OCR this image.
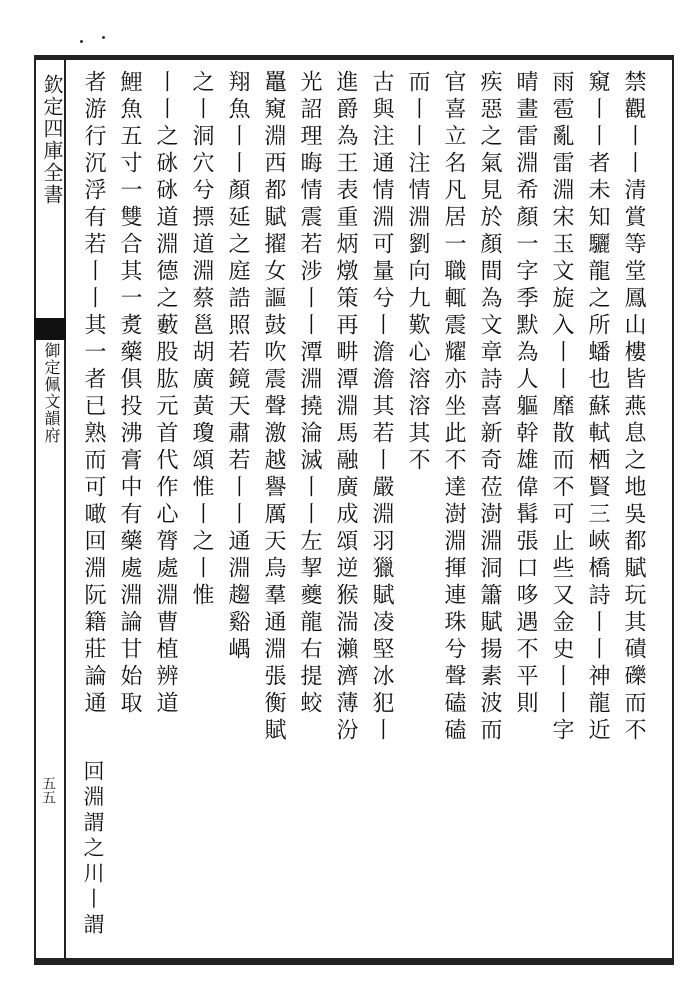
欽定四庫全書
御定佩文韻府
五五
禁觀丨丨清賞等堂鳳山樓皆燕息之地吳都賦玩其磧礫而不
窺丨丨者未知驪龍之所蟠也蘇軾栖賢三峽橋詩丨丨神龍近
雨雹亂雷淵宋玉文旋入丨丨靡散而不可止些又金史丨丨字
晴畫雷淵希顏一字季默為人軀幹雄偉髯張口哆遇不平則
疾惡之氣見於顏間為文章詩喜新奇莅澍淵洞簫賦揚素波而
官喜立名凡居一職輒震耀亦坐此不達澍淵揮連珠兮聲磕磕
而丨丨注情淵劉向九歎心溶溶其不
古與注通情淵可量兮丨澹澹其若丨嚴淵羽獵賦凌堅冰犯丨
進爵為王表重炳燉策再畊潭淵馬融廣成頌逆猴湍瀨濟薄汾
光詔理晦情震若涉丨丨潭淵撓淪滅丨丨左挈夔龍右提蛟
鼉窺淵西都賦擢女謳鼓吹震聲激越譽厲天烏羣通淵張衡賦
翔魚丨丨顏延之庭誥照若鏡天肅若丨丨通淵趨谿嵎
之丨洞穴兮摽道淵蔡邕胡廣黃瓊頌惟丨之丨惟
丨丨之砯砯道淵德之藪股肱元首代作心膂處淵曹植辨道
鯉魚五寸一雙合其一煑藥俱投沸膏中有藥處淵論甘始取
者游行沉浮有若丨丨其一者已熟而可噉回淵阮籍莊論通
回淵謂之川丨謂
